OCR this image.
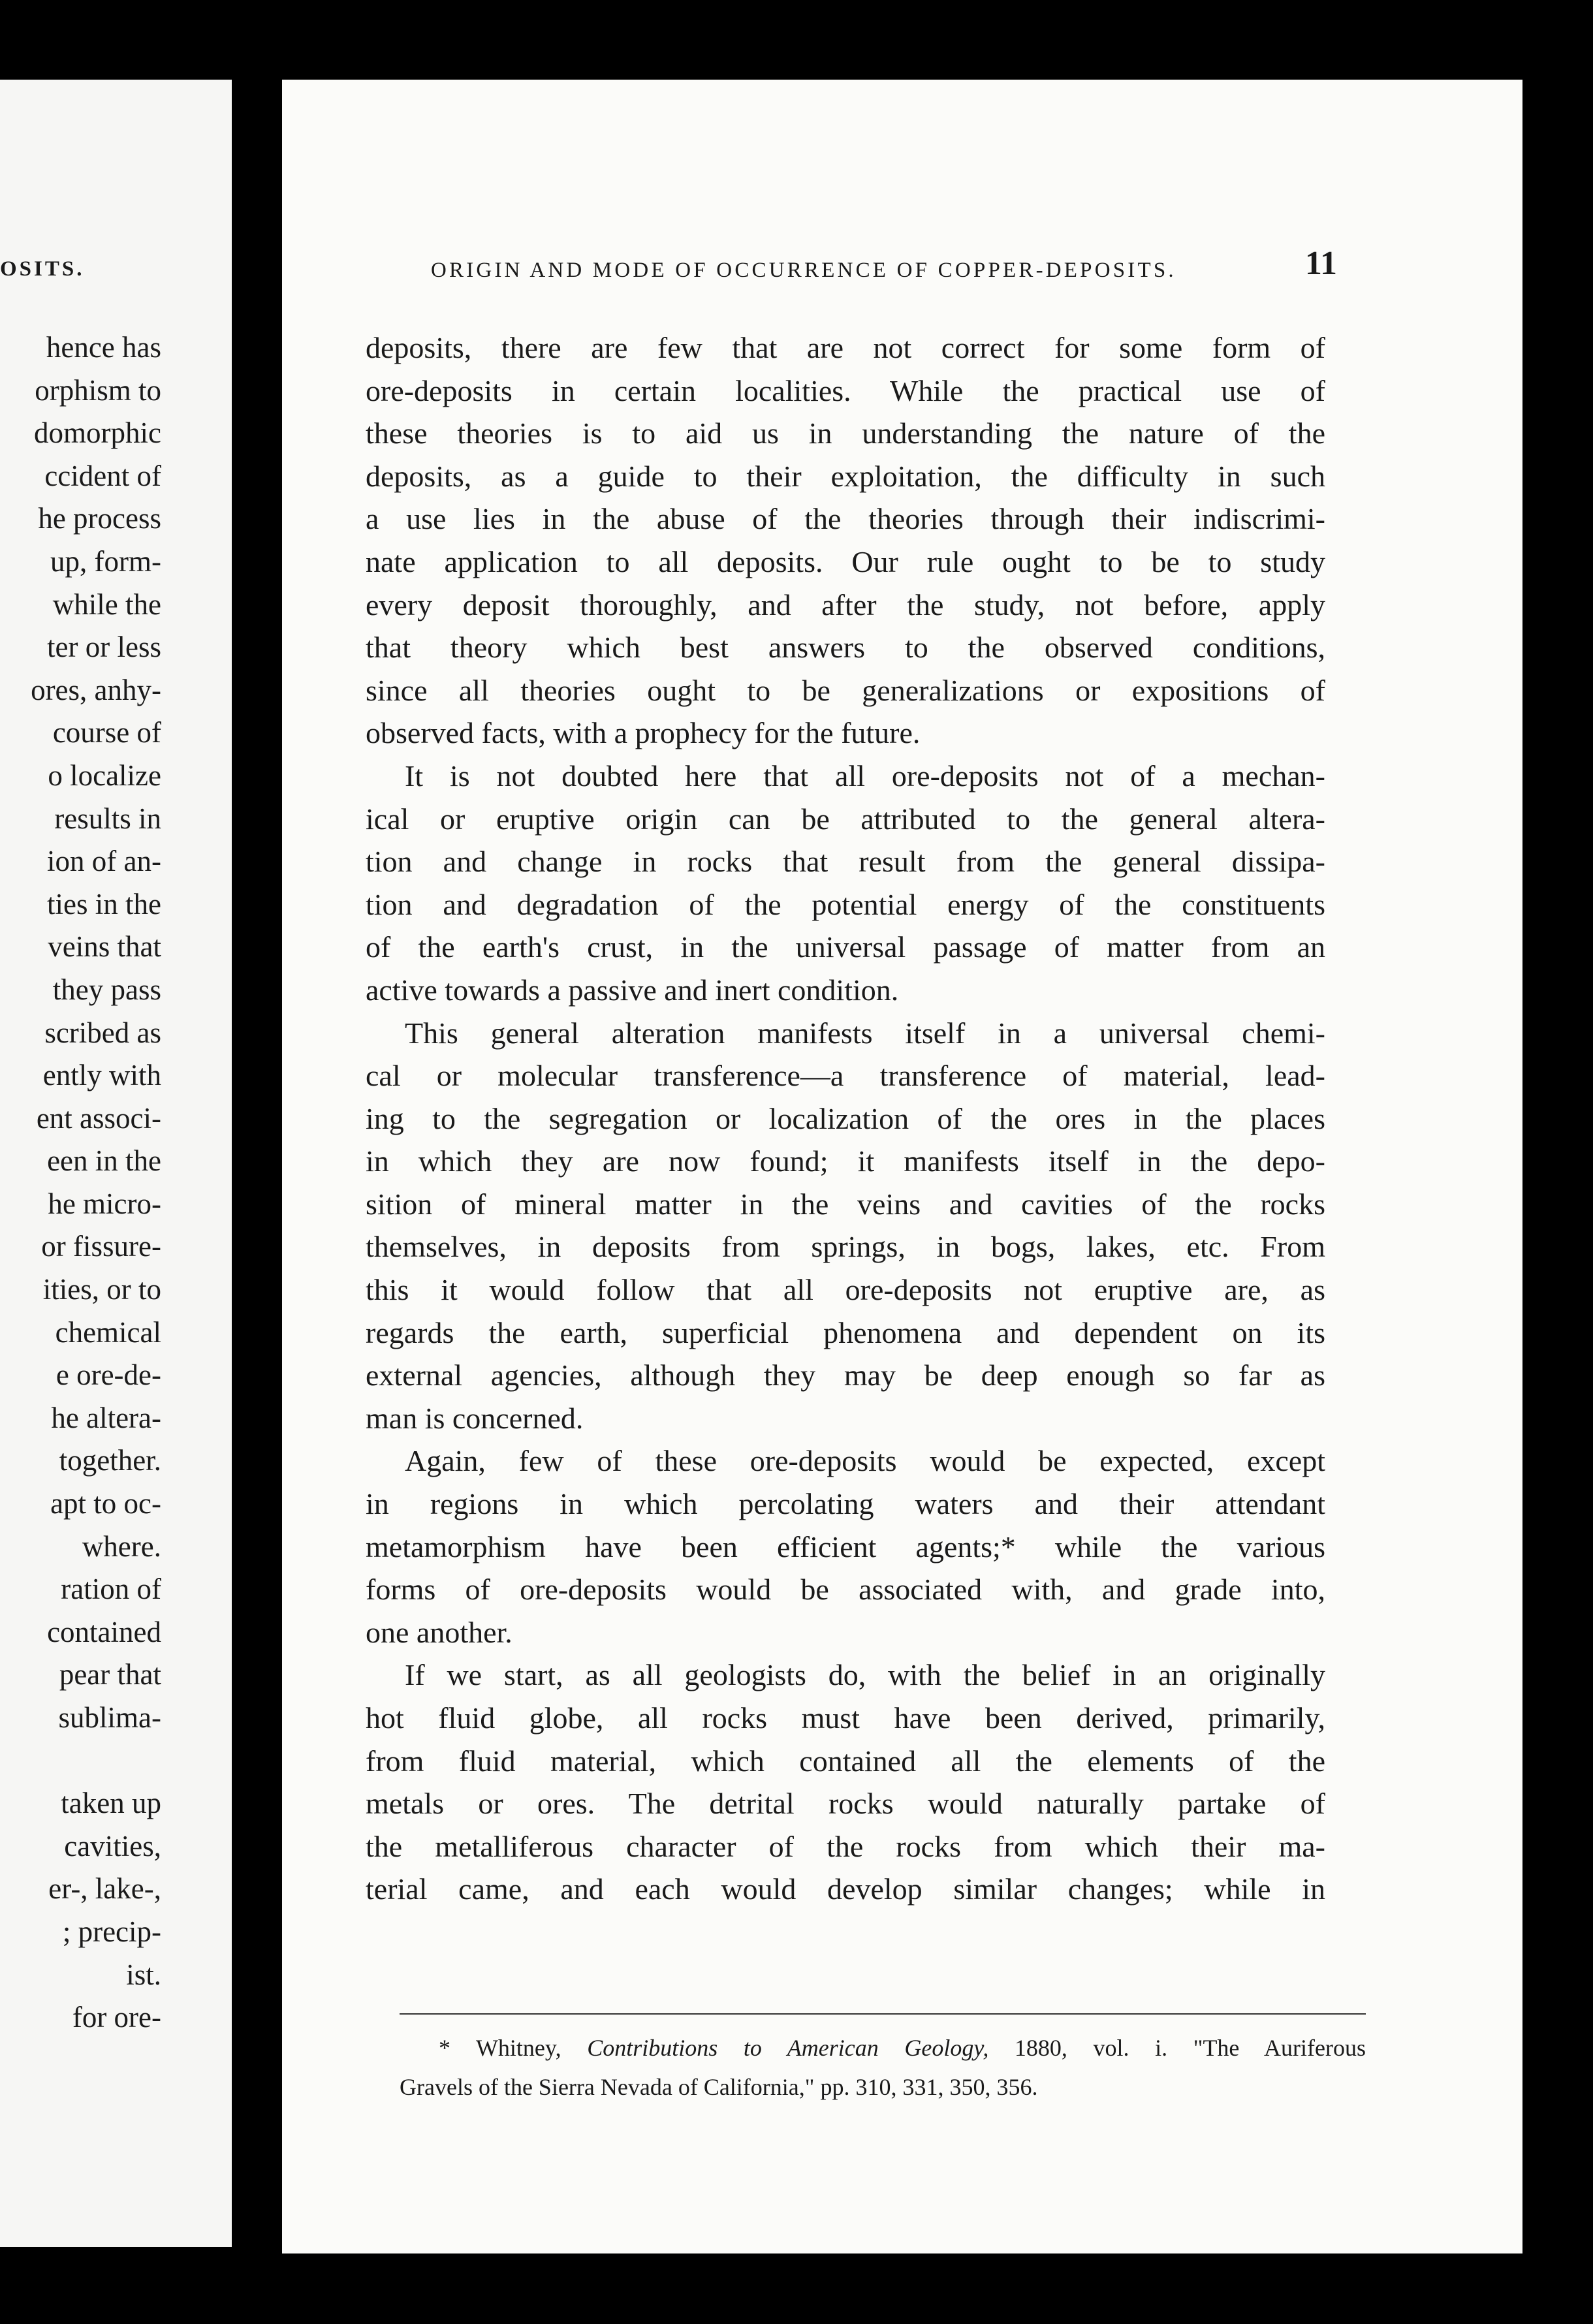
OSITS.
hence has
orphism to
domorphic
ccident of
he process
up, form-
while the
ter or less
ores, anhy-
course of
o localize
results in
ion of an-
ties in the
veins that
they pass
scribed as
ently with
ent associ-
een in the
he micro-
or fissure-
ities, or to
chemical
e ore-de-
he altera-
together.
apt to oc-
where.
ration of
contained
pear that
sublima-
taken up
cavities,
er-, lake-,
; precip-
ist.
for ore-
ORIGIN AND MODE OF OCCURRENCE OF COPPER-DEPOSITS.	11
deposits, there are few that are not correct for some form of
ore-deposits in certain localities. While the practical use of
these theories is to aid us in understanding the nature of the
deposits, as a guide to their exploitation, the difficulty in such
a use lies in the abuse of the theories through their indiscrimi-
nate application to all deposits. Our rule ought to be to study
every deposit thoroughly, and after the study, not before, apply
that theory which best answers to the observed conditions,
since all theories ought to be generalizations or expositions of
observed facts, with a prophecy for the future.
It is not doubted here that all ore-deposits not of a mechan-
ical or eruptive origin can be attributed to the general altera-
tion and change in rocks that result from the general dissipa-
tion and degradation of the potential energy of the constituents
of the earth's crust, in the universal passage of matter from an
active towards a passive and inert condition.
This general alteration manifests itself in a universal chemi-
cal or molecular transference—a transference of material, lead-
ing to the segregation or localization of the ores in the places
in which they are now found; it manifests itself in the depo-
sition of mineral matter in the veins and cavities of the rocks
themselves, in deposits from springs, in bogs, lakes, etc. From
this it would follow that all ore-deposits not eruptive are, as
regards the earth, superficial phenomena and dependent on its
external agencies, although they may be deep enough so far as
man is concerned.
Again, few of these ore-deposits would be expected, except
in regions in which percolating waters and their attendant
metamorphism have been efficient agents;* while the various
forms of ore-deposits would be associated with, and grade into,
one another.
If we start, as all geologists do, with the belief in an originally
hot fluid globe, all rocks must have been derived, primarily,
from fluid material, which contained all the elements of the
metals or ores. The detrital rocks would naturally partake of
the metalliferous character of the rocks from which their ma-
terial came, and each would develop similar changes; while in
* Whitney, Contributions to American Geology, 1880, vol. i. "The Auriferous
Gravels of the Sierra Nevada of California," pp. 310, 331, 350, 356.
